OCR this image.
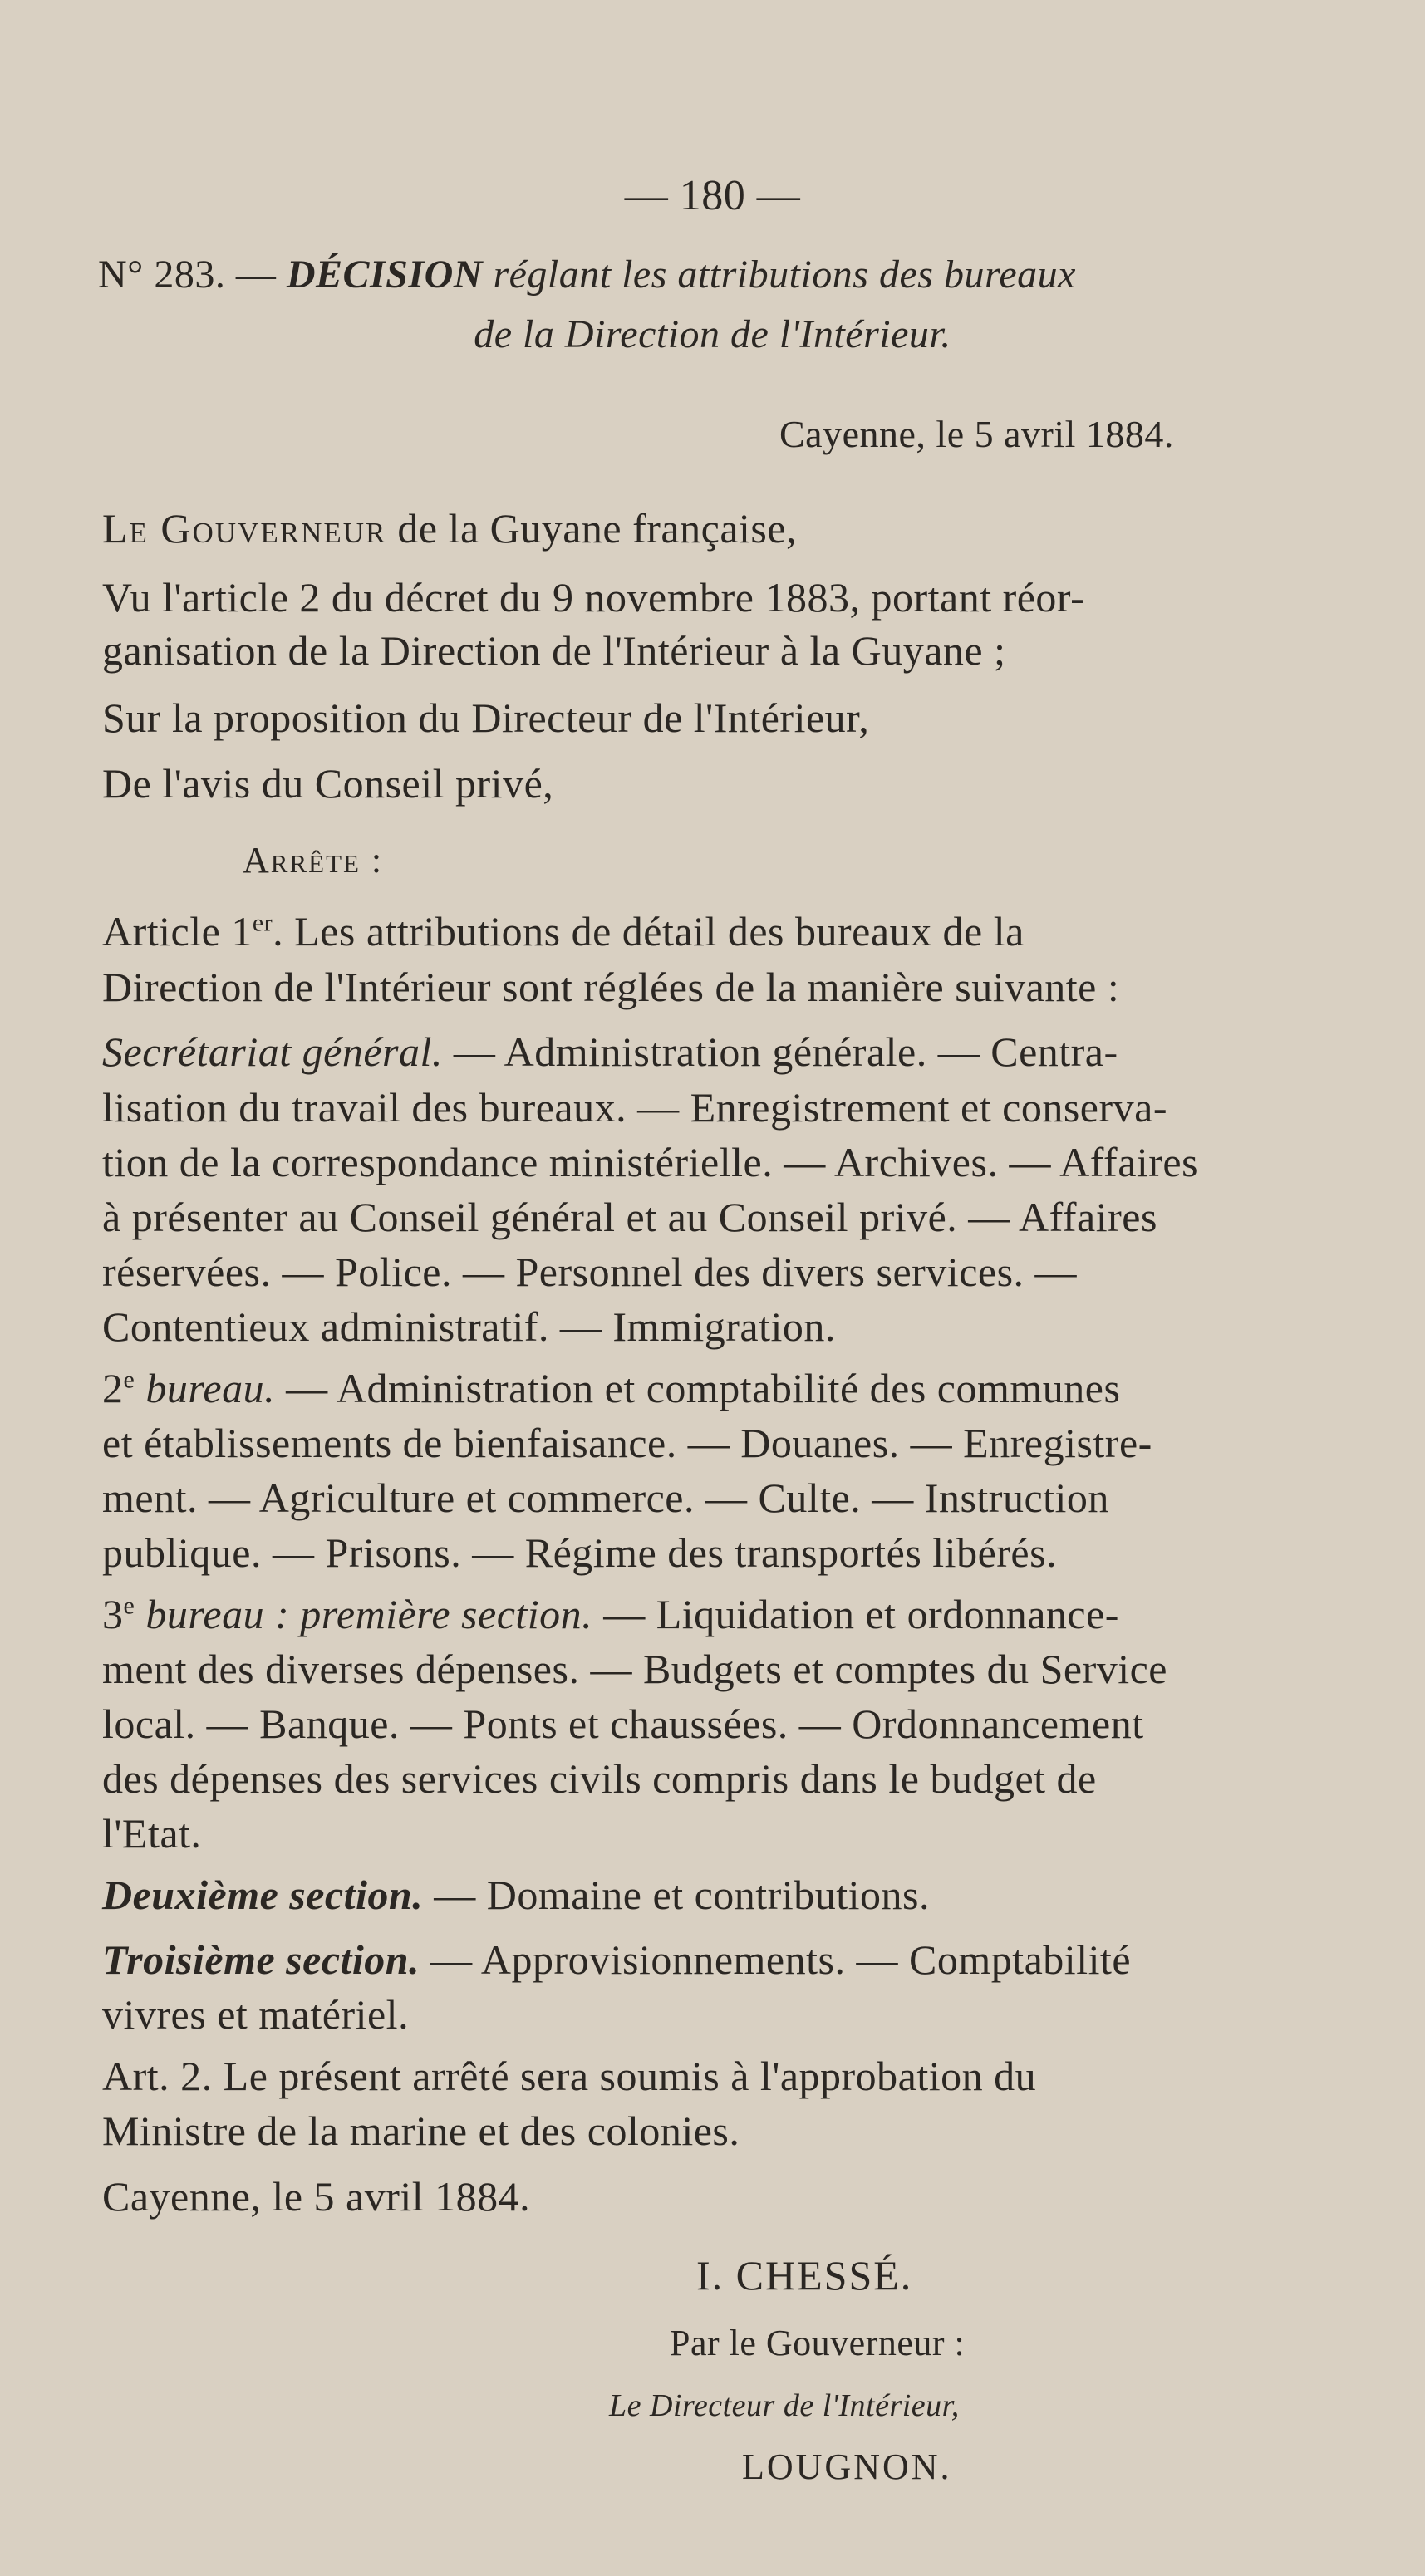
— 180 —
N° 283. — DÉCISION réglant les attributions des bureaux
de la Direction de l'Intérieur.
Cayenne, le 5 avril 1884.
Le Gouverneur de la Guyane française,
Vu l'article 2 du décret du 9 novembre 1883, portant réor-
ganisation de la Direction de l'Intérieur à la Guyane ;
Sur la proposition du Directeur de l'Intérieur,
De l'avis du Conseil privé,
Arrête :
Article 1er. Les attributions de détail des bureaux de la
Direction de l'Intérieur sont réglées de la manière suivante :
Secrétariat général. — Administration générale. — Centra-
lisation du travail des bureaux. — Enregistrement et conserva-
tion de la correspondance ministérielle. — Archives. — Affaires
à présenter au Conseil général et au Conseil privé. — Affaires
réservées. — Police. — Personnel des divers services. —
Contentieux administratif. — Immigration.
2e bureau. — Administration et comptabilité des communes
et établissements de bienfaisance. — Douanes. — Enregistre-
ment. — Agriculture et commerce. — Culte. — Instruction
publique. — Prisons. — Régime des transportés libérés.
3e bureau : première section. — Liquidation et ordonnance-
ment des diverses dépenses. — Budgets et comptes du Service
local. — Banque. — Ponts et chaussées. — Ordonnancement
des dépenses des services civils compris dans le budget de
l'Etat.
Deuxième section. — Domaine et contributions.
Troisième section. — Approvisionnements. — Comptabilité
vivres et matériel.
Art. 2. Le présent arrêté sera soumis à l'approbation du
Ministre de la marine et des colonies.
Cayenne, le 5 avril 1884.
I. CHESSÉ.
Par le Gouverneur :
Le Directeur de l'Intérieur,
LOUGNON.
